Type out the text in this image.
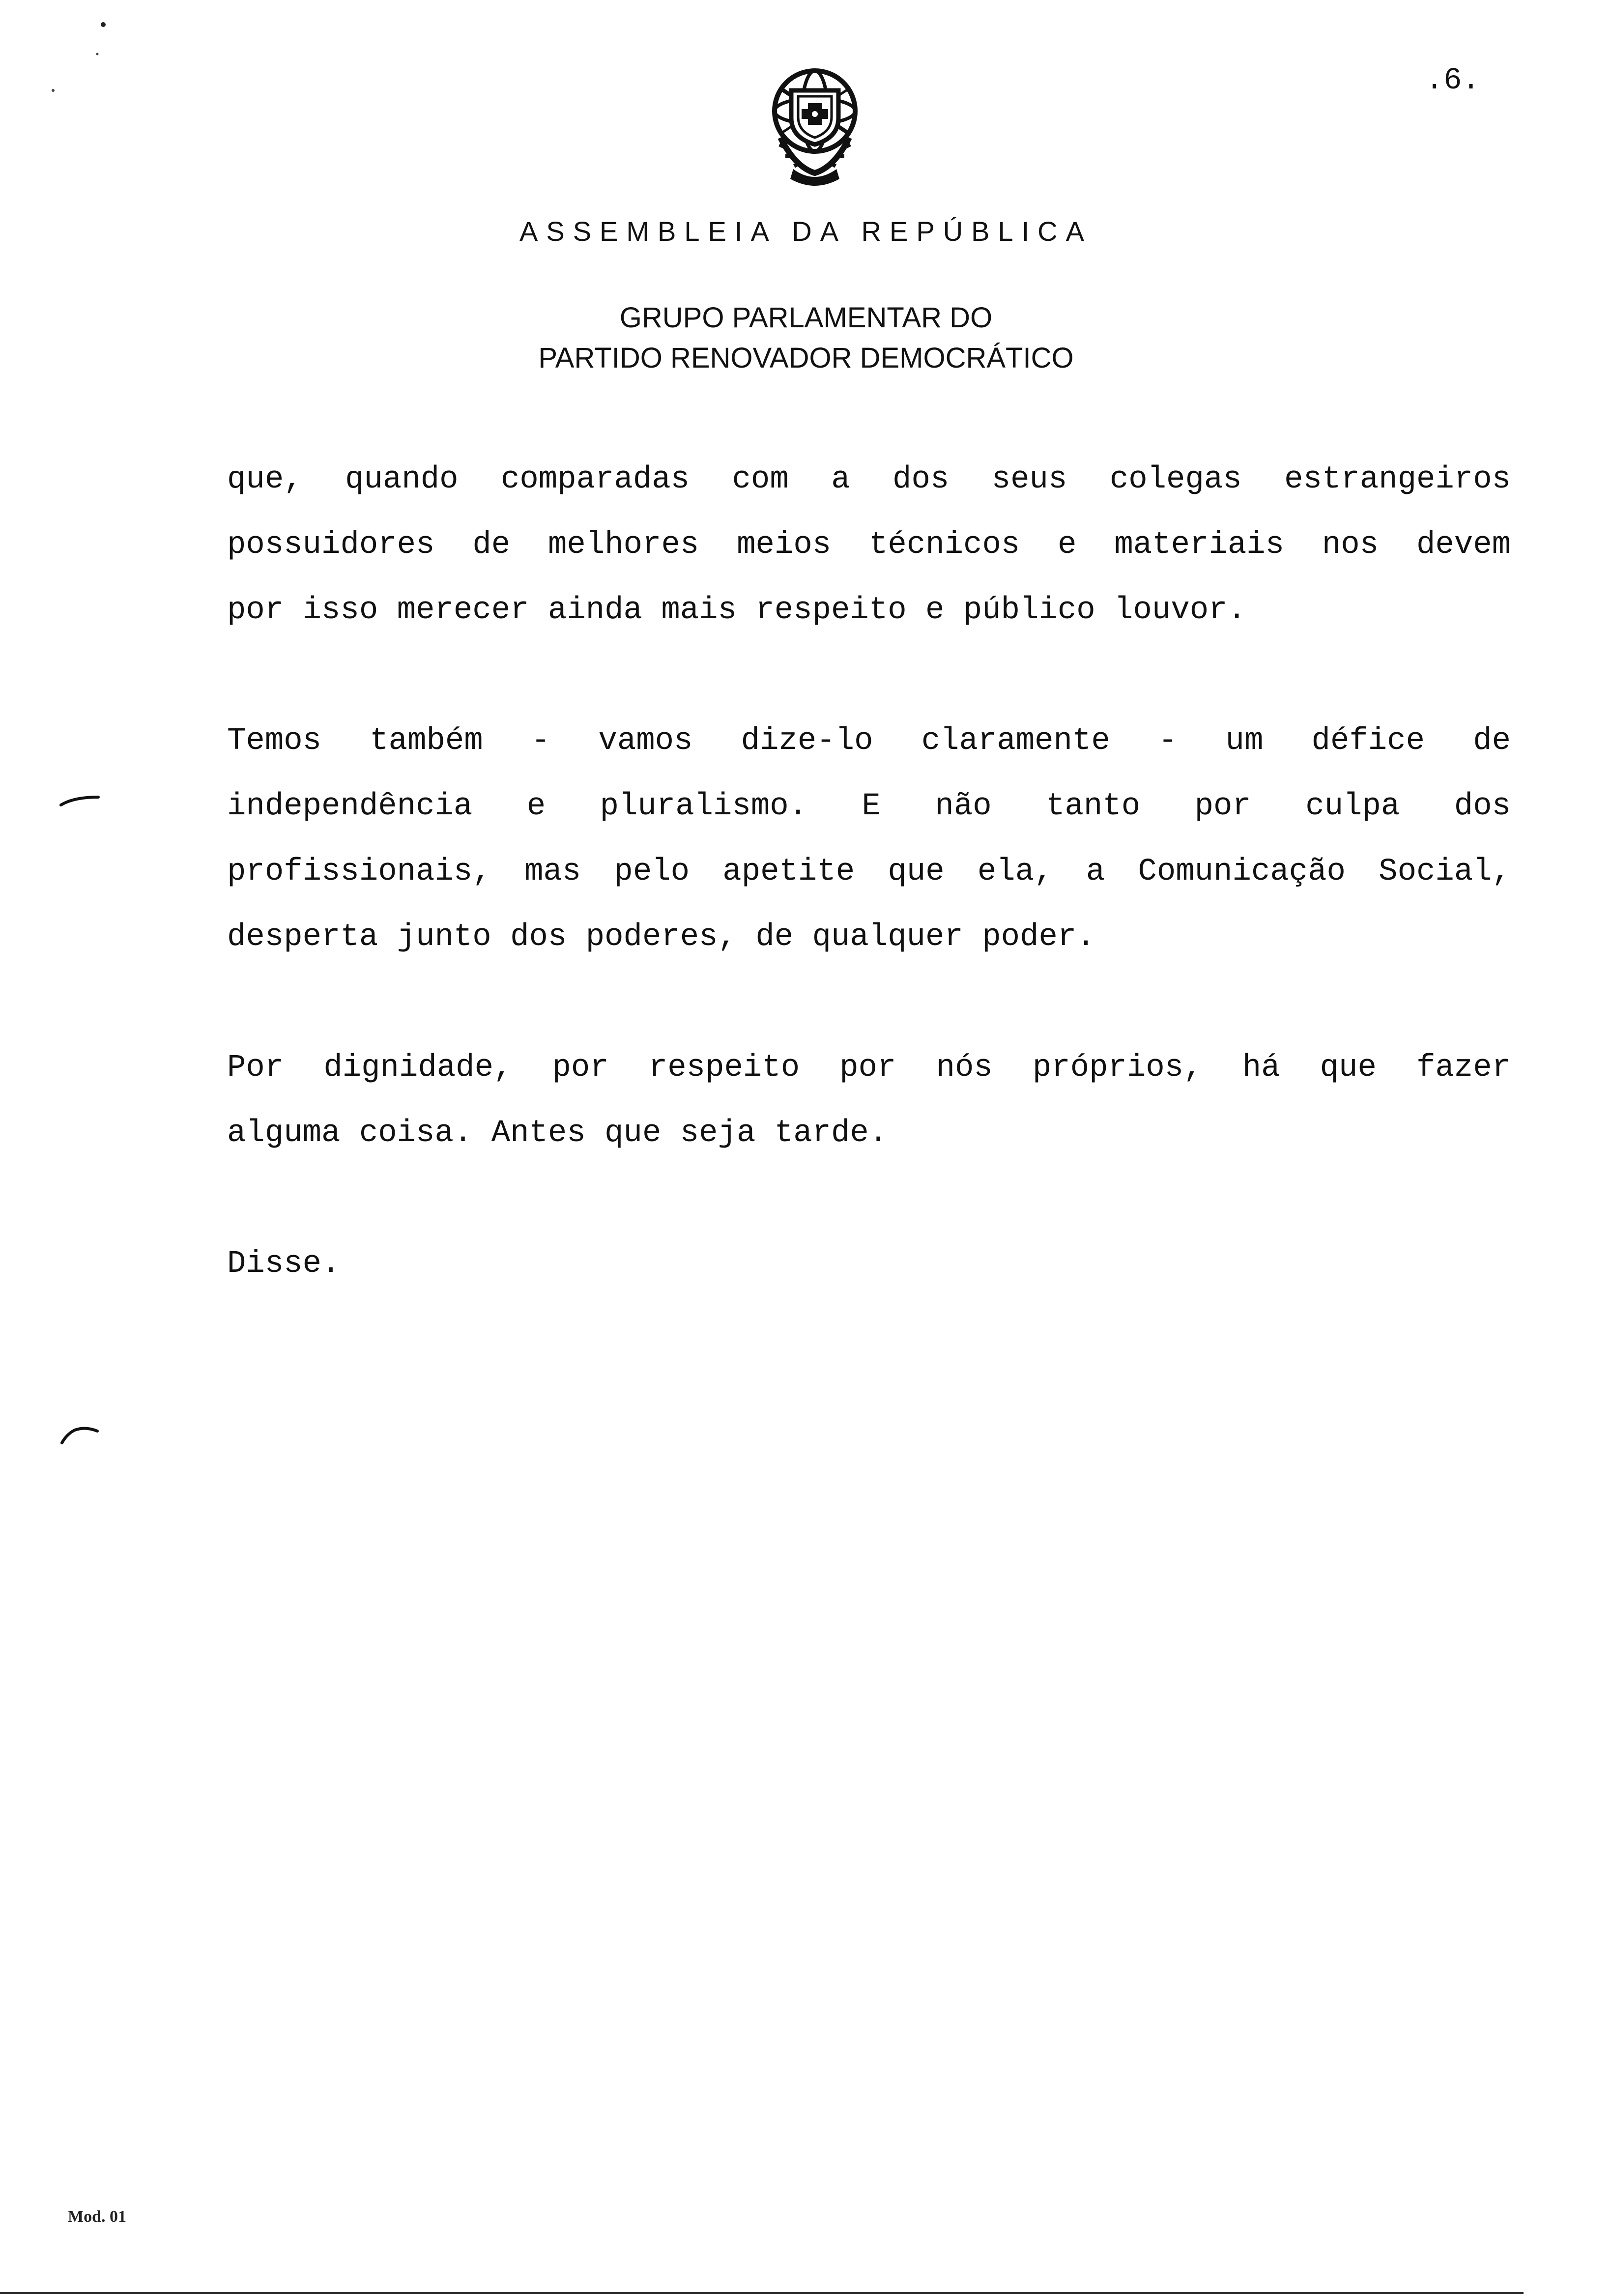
.6.
ASSEMBLEIA DA REPÚBLICA
GRUPO PARLAMENTAR DO
PARTIDO RENOVADOR DEMOCRÁTICO
que, quando comparadas com a dos seus colegas estrangeiros
possuidores de melhores meios técnicos e materiais nos devem
por isso merecer ainda mais respeito e público louvor.
Temos também - vamos dize-lo claramente - um défice de
independência e pluralismo. E não tanto por culpa dos
profissionais, mas pelo apetite que ela, a Comunicação Social,
desperta junto dos poderes, de qualquer poder.
Por dignidade, por respeito por nós próprios, há que fazer
alguma coisa. Antes que seja tarde.
Disse.
Mod. 01
